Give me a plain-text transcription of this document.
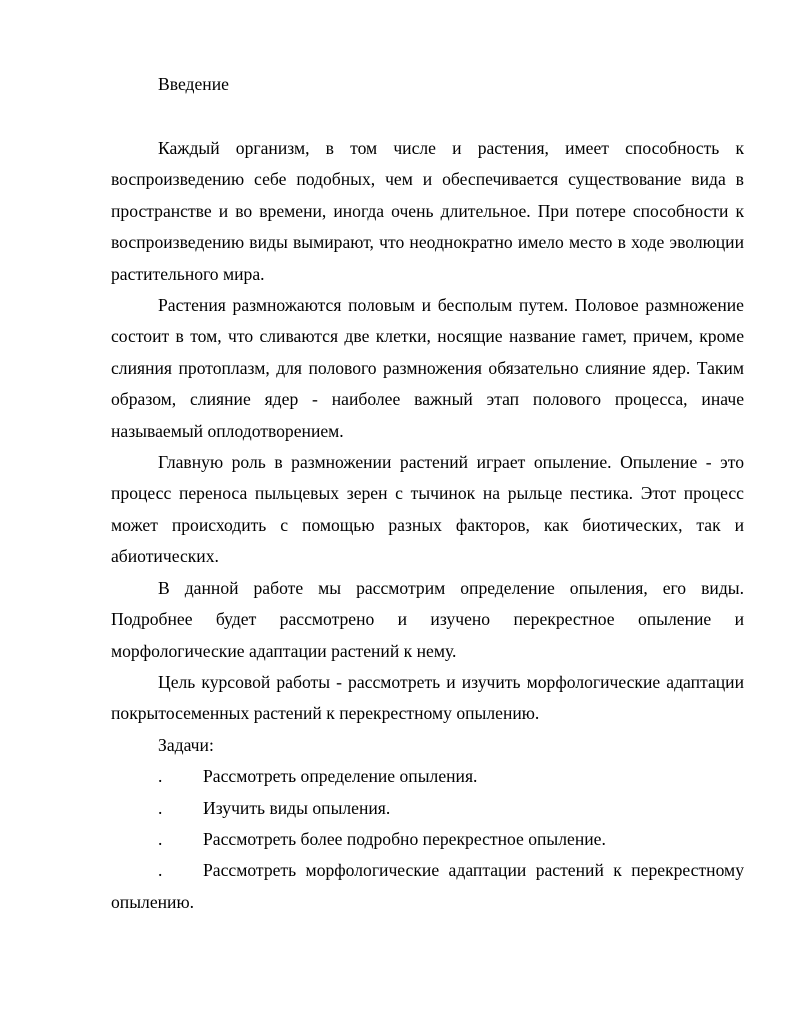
Введение

Каждый организм, в том числе и растения, имеет способность к воспроизведению себе подобных, чем и обеспечивается существование вида в пространстве и во времени, иногда очень длительное. При потере способности к воспроизведению виды вымирают, что неоднократно имело место в ходе эволюции растительного мира.

Растения размножаются половым и бесполым путем. Половое размножение состоит в том, что сливаются две клетки, носящие название гамет, причем, кроме слияния протоплазм, для полового размножения обязательно слияние ядер. Таким образом, слияние ядер - наиболее важный этап полового процесса, иначе называемый оплодотворением.

Главную роль в размножении растений играет опыление. Опыление - это процесс переноса пыльцевых зерен с тычинок на рыльце пестика. Этот процесс может происходить с помощью разных факторов, как биотических, так и абиотических.

В данной работе мы рассмотрим определение опыления, его виды. Подробнее будет рассмотрено и изучено перекрестное опыление и морфологические адаптации растений к нему.

Цель курсовой работы - рассмотреть и изучить морфологические адаптации покрытосеменных растений к перекрестному опылению.

Задачи:

. Рассмотреть определение опыления.

. Изучить виды опыления.

. Рассмотреть более подробно перекрестное опыление.

. Рассмотреть морфологические адаптации растений к перекрестному опылению.
